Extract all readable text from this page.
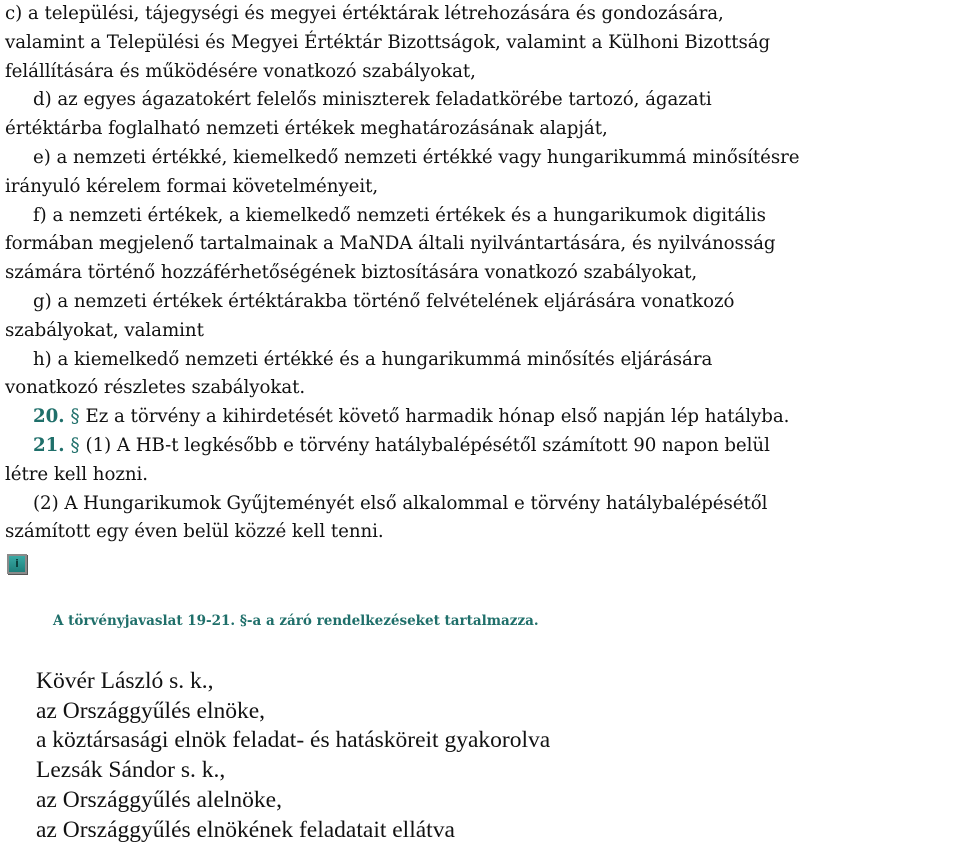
c) a települési, tájegységi és megyei értéktárak létrehozására és gondozására,

valamint a Települési és Megyei Értéktár Bizottságok, valamint a Külhoni Bizottság

felállítására és működésére vonatkozó szabályokat,

d) az egyes ágazatokért felelős miniszterek feladatkörébe tartozó, ágazati

értéktárba foglalható nemzeti értékek meghatározásának alapját,

e) a nemzeti értékké, kiemelkedő nemzeti értékké vagy hungarikummá minősítésre

irányuló kérelem formai követelményeit,

f) a nemzeti értékek, a kiemelkedő nemzeti értékek és a hungarikumok digitális

formában megjelenő tartalmainak a MaNDA általi nyilvántartására, és nyilvánosság

számára történő hozzáférhetőségének biztosítására vonatkozó szabályokat,

g) a nemzeti értékek értéktárakba történő felvételének eljárására vonatkozó

szabályokat, valamint

h) a kiemelkedő nemzeti értékké és a hungarikummá minősítés eljárására

vonatkozó részletes szabályokat.

20. § Ez a törvény a kihirdetését követő harmadik hónap első napján lép hatályba.

21. § (1) A HB-t legkésőbb e törvény hatálybalépésétől számított 90 napon belül

létre kell hozni.

(2) A Hungarikumok Gyűjteményét első alkalommal e törvény hatálybalépésétől

számított egy éven belül közzé kell tenni.

i
A törvényjavaslat 19-21. §-a a záró rendelkezéseket tartalmazza.

Kövér László s. k.,

az Országgyűlés elnöke,

a köztársasági elnök feladat- és hatásköreit gyakorolva

Lezsák Sándor s. k.,

az Országgyűlés alelnöke,

az Országgyűlés elnökének feladatait ellátva
